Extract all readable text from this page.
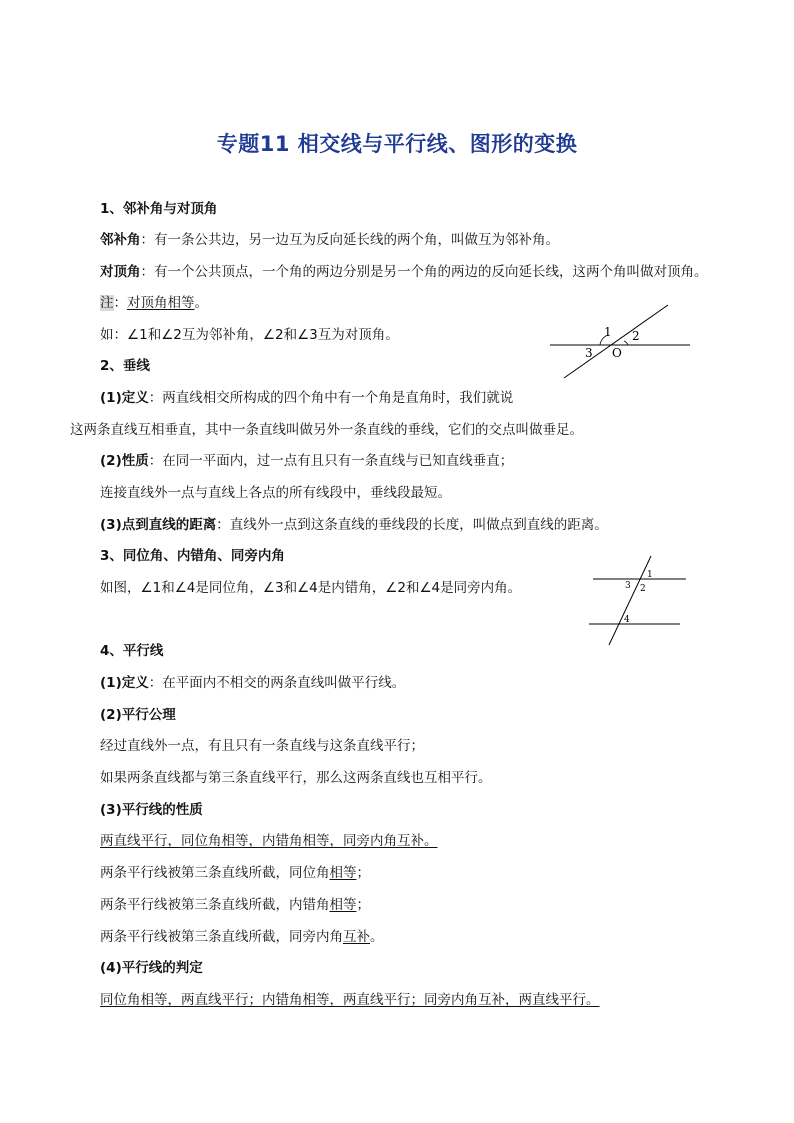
专题11 相交线与平行线、图形的变换
1、邻补角与对顶角
邻补角：有一条公共边，另一边互为反向延长线的两个角，叫做互为邻补角。
对顶角：有一个公共顶点，一个角的两边分别是另一个角的两边的反向延长线，这两个角叫做对顶角。
注：对顶角相等。
如：∠1和∠2互为邻补角，∠2和∠3互为对顶角。	1 2
3 O
2、垂线
(1)定义：两直线相交所构成的四个角中有一个角是直角时，我们就说
这两条直线互相垂直，其中一条直线叫做另外一条直线的垂线，它们的交点叫做垂足。
(2)性质：在同一平面内，过一点有且只有一条直线与已知直线垂直；
连接直线外一点与直线上各点的所有线段中，垂线段最短。
(3)点到直线的距离：直线外一点到这条直线的垂线段的长度，叫做点到直线的距离。
3、同位角、内错角、同旁内角
如图，∠1和∠4是同位角，∠3和∠4是内错角，∠2和∠4是同旁内角。
1
2
3
4
4、平行线
(1)定义：在平面内不相交的两条直线叫做平行线。
(2)平行公理
经过直线外一点，有且只有一条直线与这条直线平行；
如果两条直线都与第三条直线平行，那么这两条直线也互相平行。
(3)平行线的性质
两直线平行，同位角相等，内错角相等，同旁内角互补。
两条平行线被第三条直线所截，同位角相等；
两条平行线被第三条直线所截，内错角相等；
两条平行线被第三条直线所截，同旁内角互补。
(4)平行线的判定
同位角相等，两直线平行；内错角相等，两直线平行；同旁内角互补，两直线平行。
